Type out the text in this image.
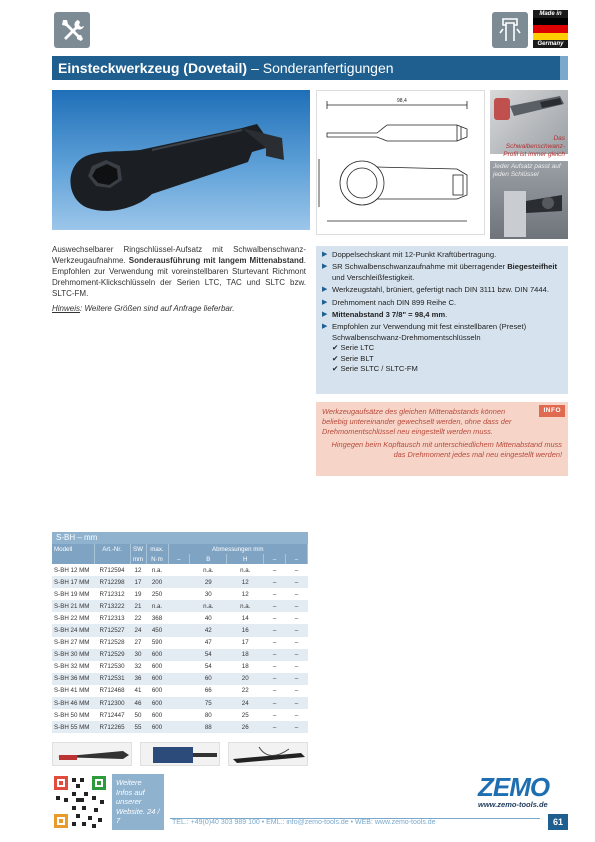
Made in
Germany
Einsteckwerkzeug (Dovetail) – Sonderanfertigungen
98,4
Das Schwalbenschwanz-Profil ist immer gleich
Jeder Aufsatz passt auf jeden Schlüssel

Auswechselbarer Ringschlüssel-Aufsatz mit Schwalbenschwanz-Werkzeugaufnahme. Sonderausführung mit langem Mittenabstand. Empfohlen zur Verwendung mit voreinstellbaren Sturtevant Richmont Drehmoment-Klickschlüsseln der Serien LTC, TAC und SLTC bzw. SLTC-FM.

Hinweis: Weitere Größen sind auf Anfrage lieferbar.

▶ Doppelsechskant mit 12-Punkt Kraftübertragung.
▶ SR Schwalbenschwanzaufnahme mit überragender Biegesteifheit und Verschleißfestigkeit.
▶ Werkzeugstahl, brüniert, gefertigt nach DIN 3111 bzw. DIN 7444.
▶ Drehmoment nach DIN 899 Reihe C.
▶ Mittenabstand 3 7/8" = 98,4 mm.
▶ Empfohlen zur Verwendung mit fest einstellbaren (Preset) Schwalbenschwanz-Drehmomentschlüsseln
✔ Serie LTC
✔ Serie BLT
✔ Serie SLTC / SLTC-FM
INFO

Werkzeugaufsätze des gleichen Mittenabstands können beliebig untereinander gewechselt werden, ohne dass der Drehmomentschlüssel neu eingestellt werden muss.

Hingegen beim Kopftausch mit unterschiedlichem Mittenabstand muss das Drehmoment jedes mal neu eingestellt werden!

S-BH – mm
Modell	Art.-Nr.	SW	max.	Abmessungen mm				
		mm	N·m	–	B	H	–	–
S-BH 12 MM	R712594	12	n.a.		n.a.	n.a.	–	–
S-BH 17 MM	R712298	17	200		29	12	–	–
S-BH 19 MM	R712312	19	250		30	12	–	–
S-BH 21 MM	R713222	21	n.a.		n.a.	n.a.	–	–
S-BH 22 MM	R712313	22	368		40	14	–	–
S-BH 24 MM	R712527	24	450		42	16	–	–
S-BH 27 MM	R712528	27	590		47	17	–	–
S-BH 30 MM	R712529	30	600		54	18	–	–
S-BH 32 MM	R712530	32	600		54	18	–	–
S-BH 36 MM	R712531	36	600		60	20	–	–
S-BH 41 MM	R712468	41	600		66	22	–	–
S-BH 46 MM	R712300	46	600		75	24	–	–
S-BH 50 MM	R712447	50	600		80	25	–	–
S-BH 55 MM	R712265	55	600		88	26	–	–
Weitere Infos auf unserer Website. 24 / 7
ZEMO
www.zemo-tools.de
TEL.: +49(0)40 303 989 100 • EML.: info@zemo-tools.de • WEB: www.zemo-tools.de	61
